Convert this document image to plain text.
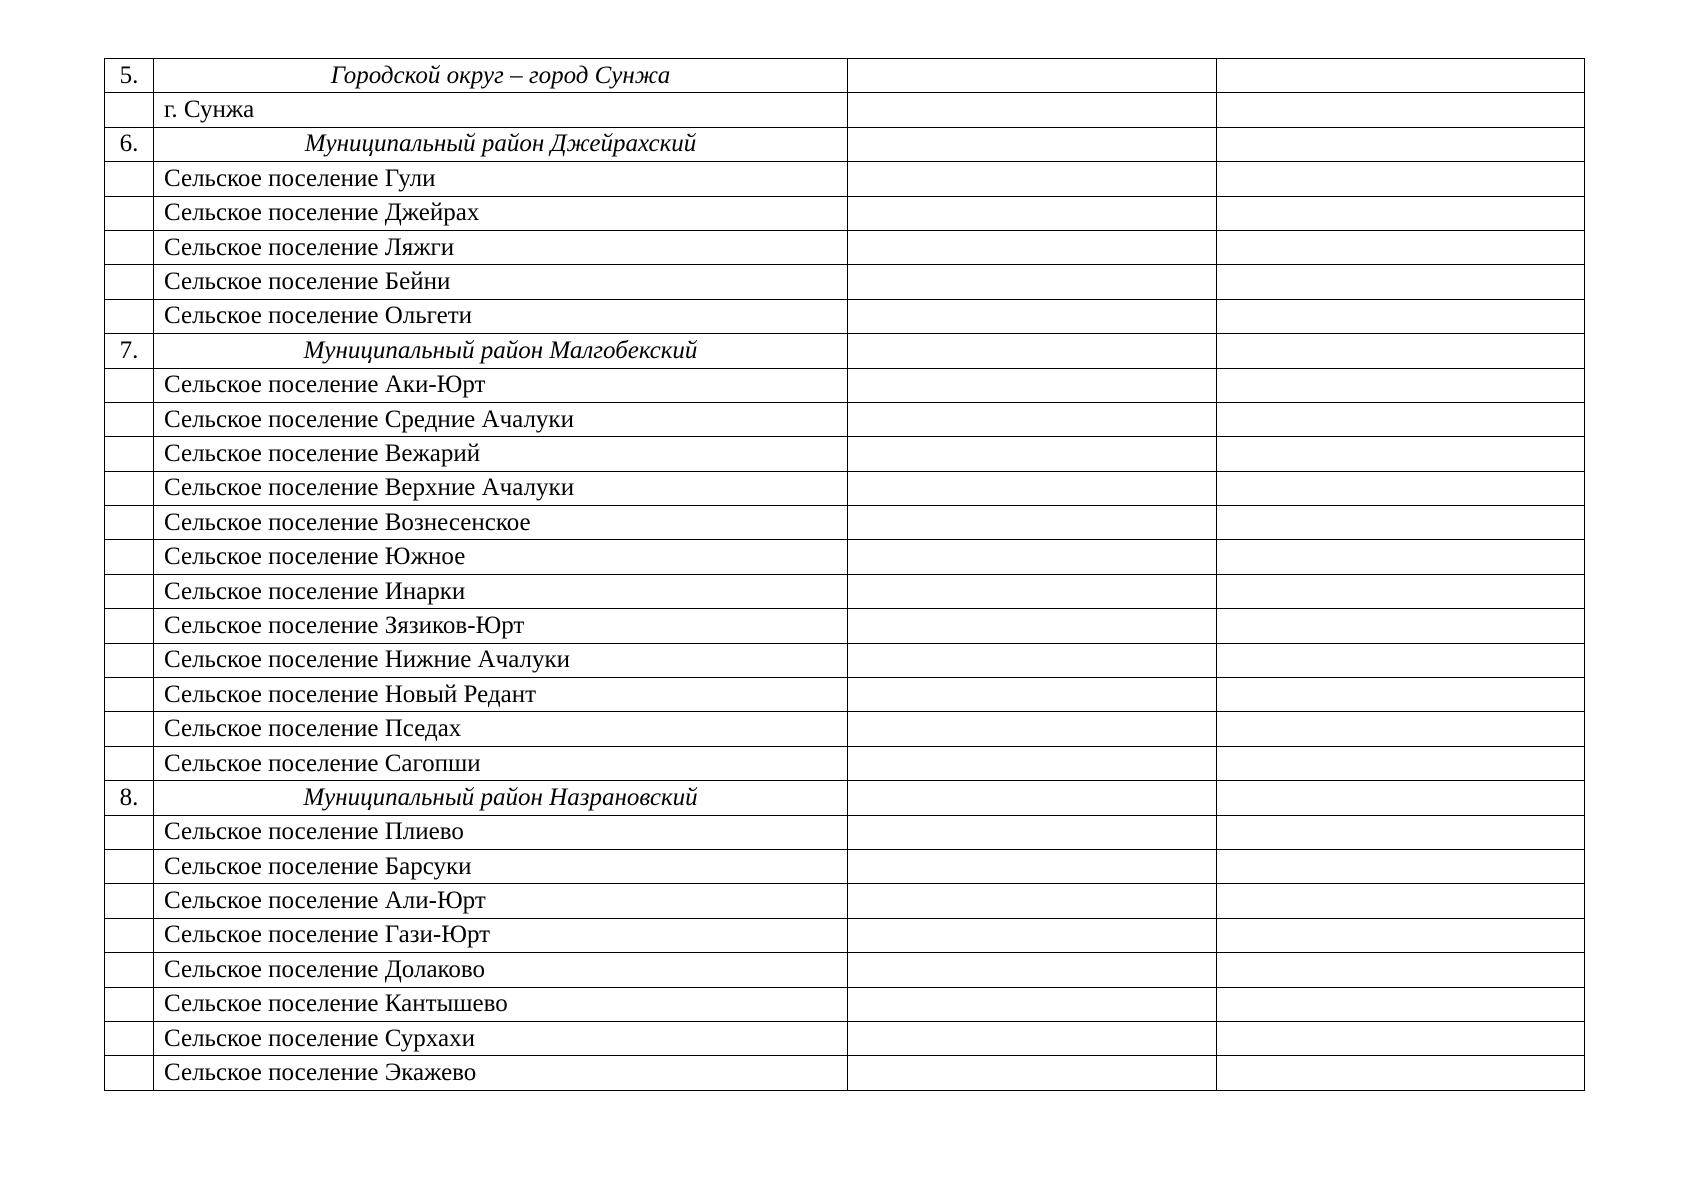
5.	Городской округ – город Сунжа		
	г. Сунжа		
6.	Муниципальный район Джейрахский		
	Сельское поселение Гули		
	Сельское поселение Джейрах		
	Сельское поселение Ляжги		
	Сельское поселение Бейни		
	Сельское поселение Ольгети		
7.	Муниципальный район Малгобекский		
	Сельское поселение Аки-Юрт		
	Сельское поселение Средние Ачалуки		
	Сельское поселение Вежарий		
	Сельское поселение Верхние Ачалуки		
	Сельское поселение Вознесенское		
	Сельское поселение Южное		
	Сельское поселение Инарки		
	Сельское поселение Зязиков-Юрт		
	Сельское поселение Нижние Ачалуки		
	Сельское поселение Новый Редант		
	Сельское поселение Пседах		
	Сельское поселение Сагопши		
8.	Муниципальный район Назрановский		
	Сельское поселение Плиево		
	Сельское поселение Барсуки		
	Сельское поселение Али-Юрт		
	Сельское поселение Гази-Юрт		
	Сельское поселение Долаково		
	Сельское поселение Кантышево		
	Сельское поселение Сурхахи		
	Сельское поселение Экажево		
